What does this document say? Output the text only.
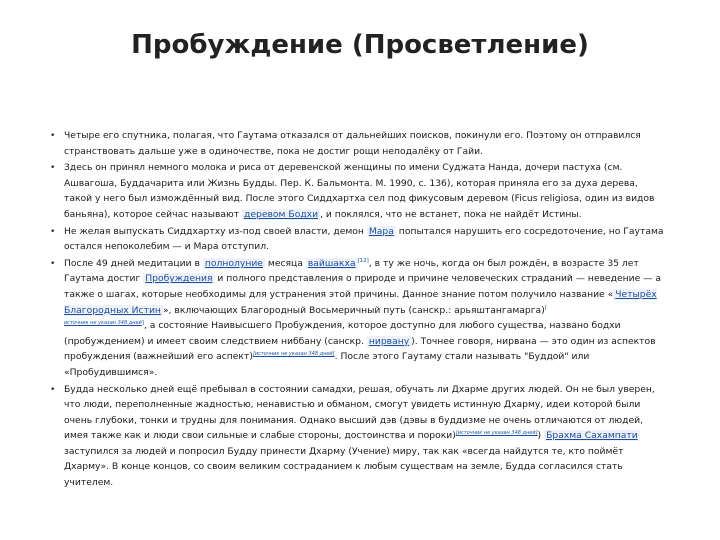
Пробуждение (Просветление)
• Четыре его спутника, полагая, что Гаутама отказался от дальнейших поисков, покинули его. Поэтому он отправился странствовать дальше уже в одиночестве, пока не достиг рощи неподалёку от Гайи.
• Здесь он принял немного молока и риса от деревенской женщины по имени Суджата Нанда, дочери пастуха (см. Ашвагоша, Буддачарита или Жизнь Будды. Пер. К. Бальмонта. М. 1990, с. 136), которая приняла его за духа дерева, такой у него был измождённый вид. После этого Сиддхартха сел под фикусовым деревом (Ficus religiosa, один из видов баньяна), которое сейчас называют деревом Бодхи , и поклялся, что не встанет, пока не найдёт Истины.
• Не желая выпускать Сиддхартху из-под своей власти, демон Мара попытался нарушить его сосредоточение, но Гаутама остался непоколебим — и Мара отступил.
• После 49 дней медитации в полнолуние месяца вайшакха [12], в ту же ночь, когда он был рождён, в возрасте 35 лет Гаутама достиг Пробуждения и полного представления о природе и причине человеческих страданий — неведение — а также о шагах, которые необходимы для устранения этой причины. Данное знание потом получило название « Четырёх Благородных Истин », включающих Благородный Восьмеричный путь (санскр.: арьяштангамарга)[
$^{источник не указан 348 дней]}$, а состояние Наивысшего Пробуждения, которое доступно для любого существа, названо бодхи (пробуждением) и имеет своим следствием ниббану (санскр. нирвану ). Точнее говоря, нирвана — это один из аспектов пробуждения (важнейший его аспект)[источник не указан 348 дней]. После этого Гаутаму стали называть "Буддой" или «Пробудившимся».
• Будда несколько дней ещё пребывал в состоянии самадхи, решая, обучать ли Дхарме других людей. Он не был уверен, что люди, переполненные жадностью, ненавистью и обманом, смогут увидеть истинную Дхарму, идеи которой были очень глубоки, тонки и трудны для понимания. Однако высший дэв (дэвы в буддизме не очень отличаются от людей, имея также как и люди свои сильные и слабые стороны, достоинства и пороки)[источник не указан 348 дней]) Брахма Сахампати
заступился за людей и попросил Будду принести Дхарму (Учение) миру, так как «всегда найдутся те, кто поймёт Дхарму». В конце концов, со своим великим состраданием к любым существам на земле, Будда согласился стать учителем.
